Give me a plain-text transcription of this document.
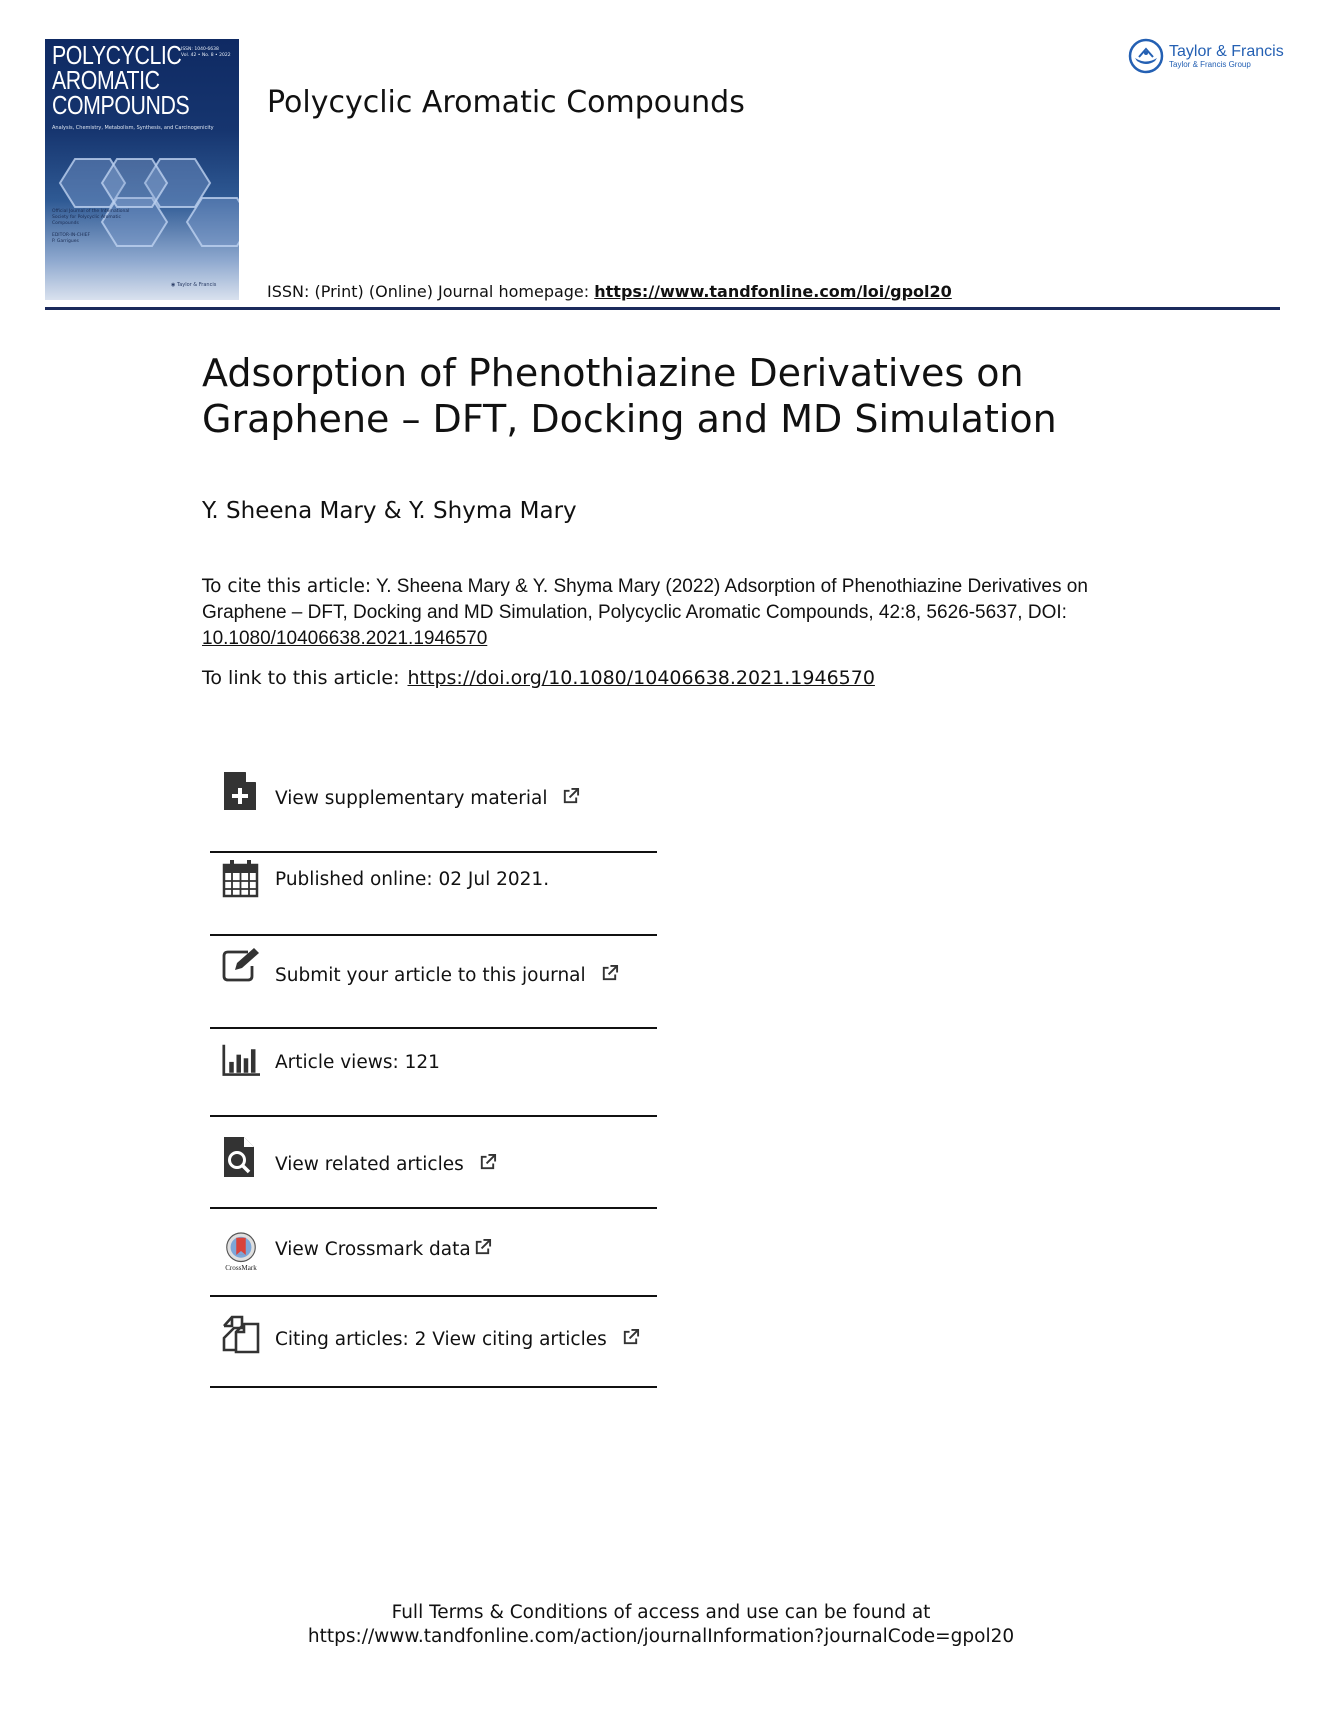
POLYCYCLIC
AROMATIC
COMPOUNDS
ISSN: 1040-6638
Vol. 42 • No. 8 • 2022
Analysis, Chemistry, Metabolism, Synthesis, and Carcinogenicity
Official Journal of the International
Society for Polycyclic Aromatic
Compounds

EDITOR-IN-CHIEF
P. Garrigues
◉ Taylor & Francis
Polycyclic Aromatic Compounds
ISSN: (Print) (Online) Journal homepage: https://www.tandfonline.com/loi/gpol20
Taylor & Francis
Taylor & Francis Group
Adsorption of Phenothiazine Derivatives on
Graphene – DFT, Docking and MD Simulation
Y. Sheena Mary & Y. Shyma Mary
To cite this article: Y. Sheena Mary & Y. Shyma Mary (2022) Adsorption of Phenothiazine Derivatives on Graphene – DFT, Docking and MD Simulation, Polycyclic Aromatic Compounds, 42:8, 5626-5637, DOI: 10.1080/10406638.2021.1946570
To link to this article: https://doi.org/10.1080/10406638.2021.1946570
View supplementary material
Published online: 02 Jul 2021.
Submit your article to this journal
Article views: 121
View related articles
CrossMark
View Crossmark data
Citing articles: 2 View citing articles
Full Terms & Conditions of access and use can be found at
https://www.tandfonline.com/action/journalInformation?journalCode=gpol20
